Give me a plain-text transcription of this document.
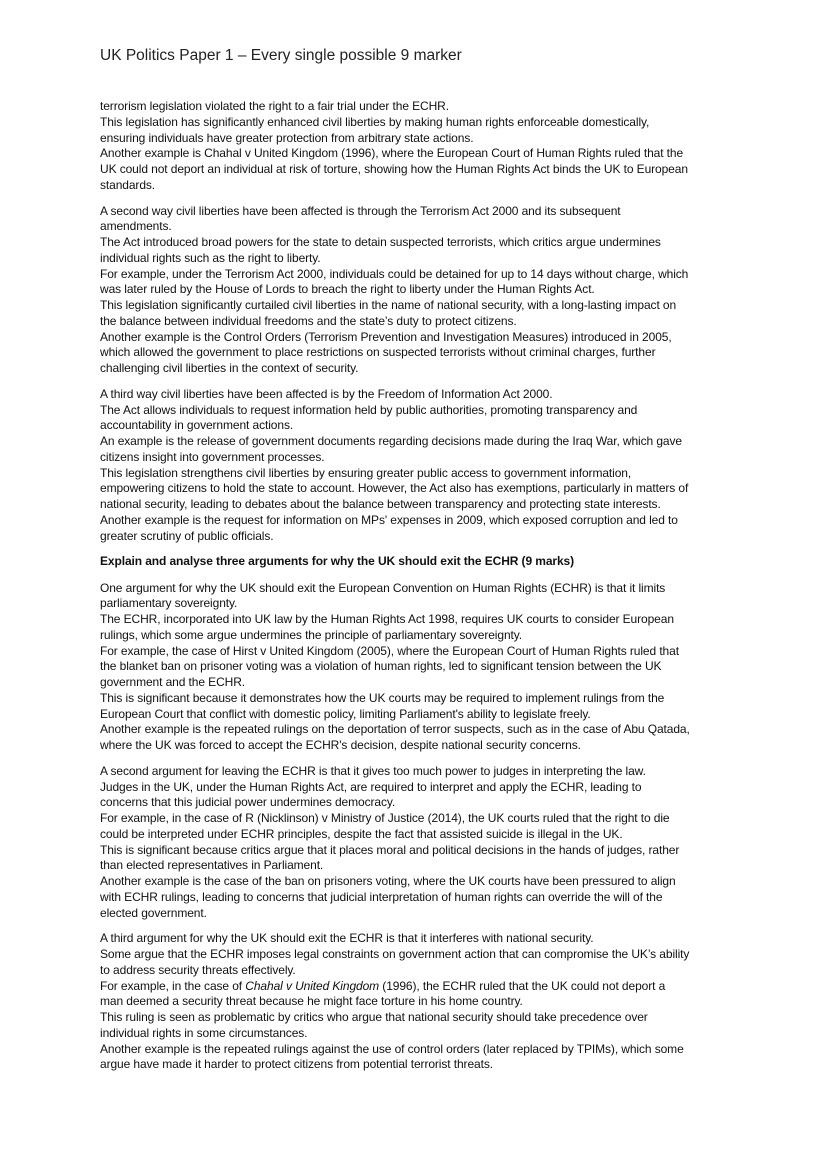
UK Politics Paper 1 – Every single possible 9 marker
terrorism legislation violated the right to a fair trial under the ECHR.
This legislation has significantly enhanced civil liberties by making human rights enforceable domestically,
ensuring individuals have greater protection from arbitrary state actions.
Another example is Chahal v United Kingdom (1996), where the European Court of Human Rights ruled that the
UK could not deport an individual at risk of torture, showing how the Human Rights Act binds the UK to European
standards.
A second way civil liberties have been affected is through the Terrorism Act 2000 and its subsequent
amendments.
The Act introduced broad powers for the state to detain suspected terrorists, which critics argue undermines
individual rights such as the right to liberty.
For example, under the Terrorism Act 2000, individuals could be detained for up to 14 days without charge, which
was later ruled by the House of Lords to breach the right to liberty under the Human Rights Act.
This legislation significantly curtailed civil liberties in the name of national security, with a long-lasting impact on
the balance between individual freedoms and the state’s duty to protect citizens.
Another example is the Control Orders (Terrorism Prevention and Investigation Measures) introduced in 2005,
which allowed the government to place restrictions on suspected terrorists without criminal charges, further
challenging civil liberties in the context of security.
A third way civil liberties have been affected is by the Freedom of Information Act 2000.
The Act allows individuals to request information held by public authorities, promoting transparency and
accountability in government actions.
An example is the release of government documents regarding decisions made during the Iraq War, which gave
citizens insight into government processes.
This legislation strengthens civil liberties by ensuring greater public access to government information,
empowering citizens to hold the state to account. However, the Act also has exemptions, particularly in matters of
national security, leading to debates about the balance between transparency and protecting state interests.
Another example is the request for information on MPs' expenses in 2009, which exposed corruption and led to
greater scrutiny of public officials.
Explain and analyse three arguments for why the UK should exit the ECHR (9 marks)
One argument for why the UK should exit the European Convention on Human Rights (ECHR) is that it limits
parliamentary sovereignty.
The ECHR, incorporated into UK law by the Human Rights Act 1998, requires UK courts to consider European
rulings, which some argue undermines the principle of parliamentary sovereignty.
For example, the case of Hirst v United Kingdom (2005), where the European Court of Human Rights ruled that
the blanket ban on prisoner voting was a violation of human rights, led to significant tension between the UK
government and the ECHR.
This is significant because it demonstrates how the UK courts may be required to implement rulings from the
European Court that conflict with domestic policy, limiting Parliament's ability to legislate freely.
Another example is the repeated rulings on the deportation of terror suspects, such as in the case of Abu Qatada,
where the UK was forced to accept the ECHR's decision, despite national security concerns.
A second argument for leaving the ECHR is that it gives too much power to judges in interpreting the law.
Judges in the UK, under the Human Rights Act, are required to interpret and apply the ECHR, leading to
concerns that this judicial power undermines democracy.
For example, in the case of R (Nicklinson) v Ministry of Justice (2014), the UK courts ruled that the right to die
could be interpreted under ECHR principles, despite the fact that assisted suicide is illegal in the UK.
This is significant because critics argue that it places moral and political decisions in the hands of judges, rather
than elected representatives in Parliament.
Another example is the case of the ban on prisoners voting, where the UK courts have been pressured to align
with ECHR rulings, leading to concerns that judicial interpretation of human rights can override the will of the
elected government.
A third argument for why the UK should exit the ECHR is that it interferes with national security.
Some argue that the ECHR imposes legal constraints on government action that can compromise the UK’s ability
to address security threats effectively.
For example, in the case of Chahal v United Kingdom (1996), the ECHR ruled that the UK could not deport a
man deemed a security threat because he might face torture in his home country.
This ruling is seen as problematic by critics who argue that national security should take precedence over
individual rights in some circumstances.
Another example is the repeated rulings against the use of control orders (later replaced by TPIMs), which some
argue have made it harder to protect citizens from potential terrorist threats.
